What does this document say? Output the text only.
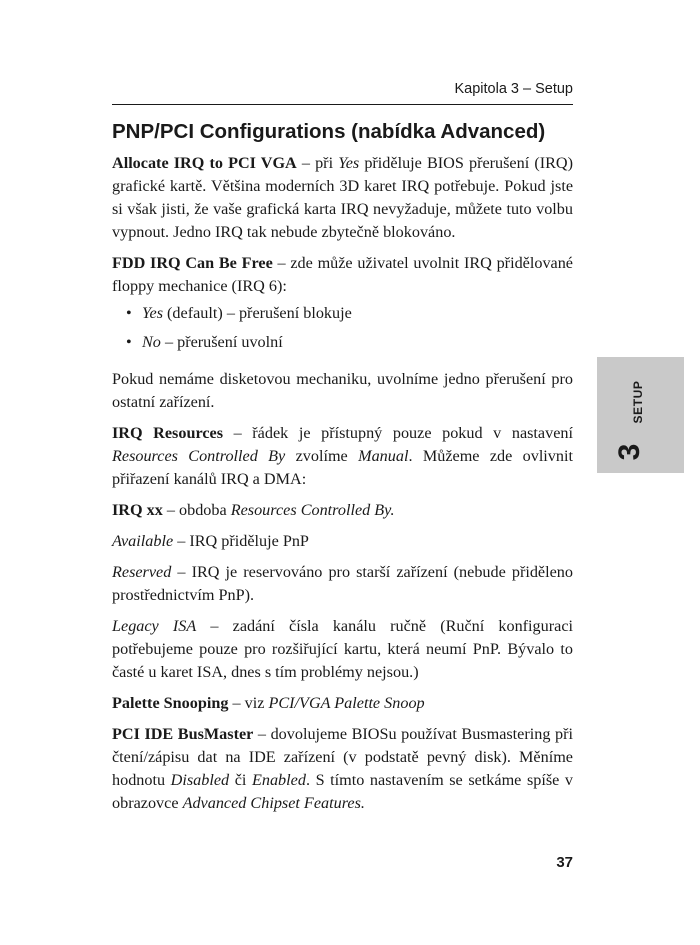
Kapitola 3 – Setup
PNP/PCI Configurations (nabídka Advanced)

Allocate IRQ to PCI VGA – při Yes přiděluje BIOS přerušení (IRQ) grafické kartě. Většina moderních 3D karet IRQ potřebuje. Pokud jste si však jisti, že vaše grafická karta IRQ nevyžaduje, můžete tuto volbu vypnout. Jedno IRQ tak nebude zbytečně blokováno.

FDD IRQ Can Be Free – zde může uživatel uvolnit IRQ přidělované floppy mechanice (IRQ 6):

• Yes (default) – přerušení blokuje
• No – přerušení uvolní

Pokud nemáme disketovou mechaniku, uvolníme jedno přerušení pro ostatní zařízení.

IRQ Resources – řádek je přístupný pouze pokud v nastavení Resources Controlled By zvolíme Manual. Můžeme zde ovlivnit přiřazení kanálů IRQ a DMA:

IRQ xx – obdoba Resources Controlled By.

Available – IRQ přiděluje PnP

Reserved – IRQ je reservováno pro starší zařízení (nebude přiděleno prostřednictvím PnP).

Legacy ISA – zadání čísla kanálu ručně (Ruční konfiguraci potřebujeme pouze pro rozšiřující kartu, která neumí PnP. Bývalo to časté u karet ISA, dnes s tím problémy nejsou.)

Palette Snooping – viz PCI/VGA Palette Snoop

PCI IDE BusMaster – dovolujeme BIOSu používat Busmastering při čtení/zápisu dat na IDE zařízení (v podstatě pevný disk). Měníme hodnotu Disabled či Enabled. S tímto nastavením se setkáme spíše v obrazovce Advanced Chipset Features.

SETUP
3
37
